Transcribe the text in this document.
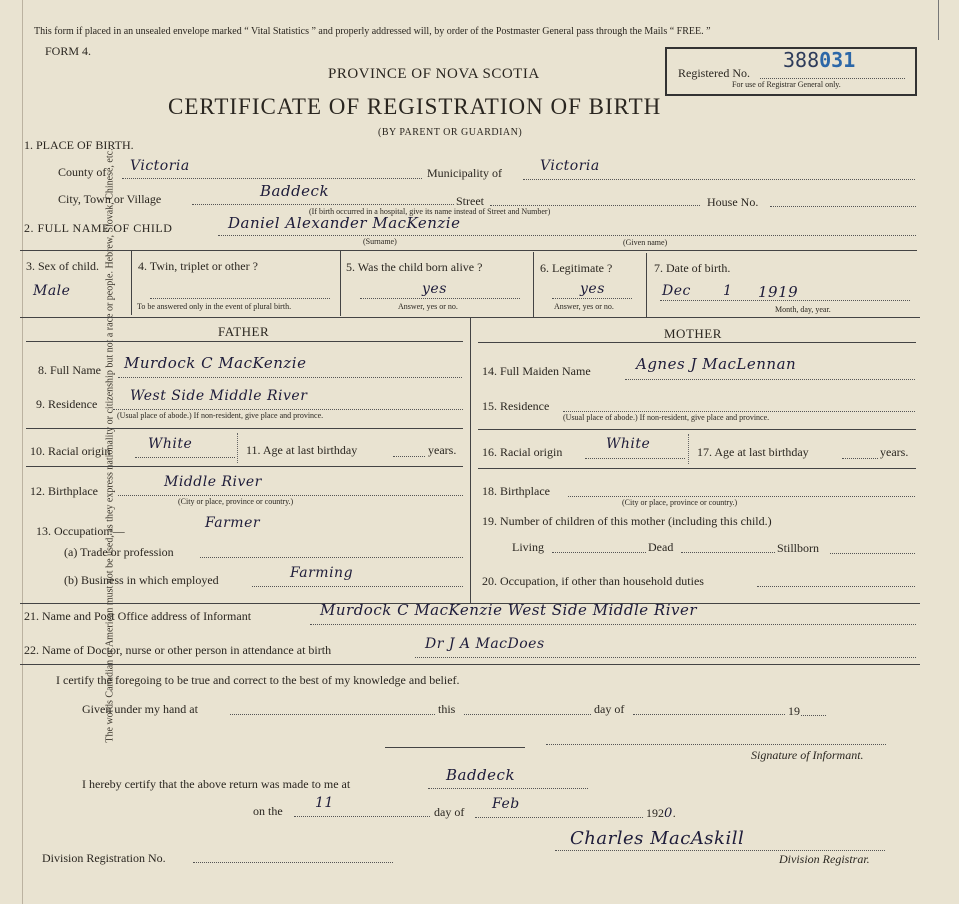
The words Canadian or American must not be used, as they express nationality or citizenship but not a race or people. Hebrew, Slovak, Chinese, etc.
This form if placed in an unsealed envelope marked “ Vital Statistics ” and properly addressed will, by order of the Postmaster General pass through the Mails “ FREE. ”
FORM 4.
PROVINCE OF NOVA SCOTIA
CERTIFICATE OF REGISTRATION OF BIRTH
(BY PARENT OR GUARDIAN)
Registered No.
388031
For use of Registrar General only.
1. PLACE OF BIRTH.
County of Victoria	Municipality of	Victoria
City, Town or Village	Baddeck
Street	House No.
(If birth occurred in a hospital, give its name instead of Street and Number)
2. FULL NAME OF CHILD	Daniel Alexander MacKenzie
(Surname)	(Given name)
3. Sex of child.
Male
4. Twin, triplet or other ?
To be answered only in the event of plural birth.
5. Was the child born alive ?
yes
Answer, yes or no.
6. Legitimate ?
yes
Answer, yes or no.
7. Date of birth.
Dec 1 1919
Month, day, year.
FATHER	MOTHER
8. Full Name Murdock C MacKenzie
9. Residence West Side Middle River
(Usual place of abode.) If non-resident, give place and province.
10. Racial origin	White	11. Age at last birthday	years.
12. Birthplace
Middle River
(City or place, province or country.)
13. Occupation:—	Farmer
(a) Trade or profession
(b) Business in which employed	Farming
14. Full Maiden Name	Agnes J MacLennan
15. Residence
(Usual place of abode.) If non-resident, give place and province.
16. Racial origin	White	17. Age at last birthday	years.
18. Birthplace
(City or place, province or country.)
19. Number of children of this mother (including this child.)
Living	Dead	Stillborn
20. Occupation, if other than household duties
21. Name and Post Office address of Informant	Murdock C MacKenzie West Side Middle River
22. Name of Doctor, nurse or other person in attendance at birth	Dr J A MacDoes
I certify the foregoing to be true and correct to the best of my knowledge and belief.
Given under my hand at	this	day of	19
Signature of Informant.
I hereby certify that the above return was made to me at	Baddeck
on the 11
day of Feb
1920.
Division Registration No.
Charles MacAskill
Division Registrar.
